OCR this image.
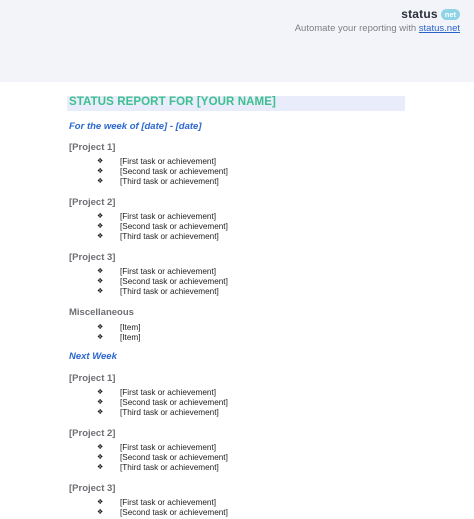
status net
Automate your reporting with status.net
STATUS REPORT FOR [YOUR NAME]
For the week of [date] - [date]
[Project 1]
❖	[First task or achievement]
❖	[Second task or achievement]
❖	[Third task or achievement]
[Project 2]
❖	[First task or achievement]
❖	[Second task or achievement]
❖	[Third task or achievement]
[Project 3]
❖	[First task or achievement]
❖	[Second task or achievement]
❖	[Third task or achievement]
Miscellaneous
❖	[Item]
❖	[Item]
Next Week
[Project 1]
❖	[First task or achievement]
❖	[Second task or achievement]
❖	[Third task or achievement]
[Project 2]
❖	[First task or achievement]
❖	[Second task or achievement]
❖	[Third task or achievement]
[Project 3]
❖	[First task or achievement]
❖	[Second task or achievement]
